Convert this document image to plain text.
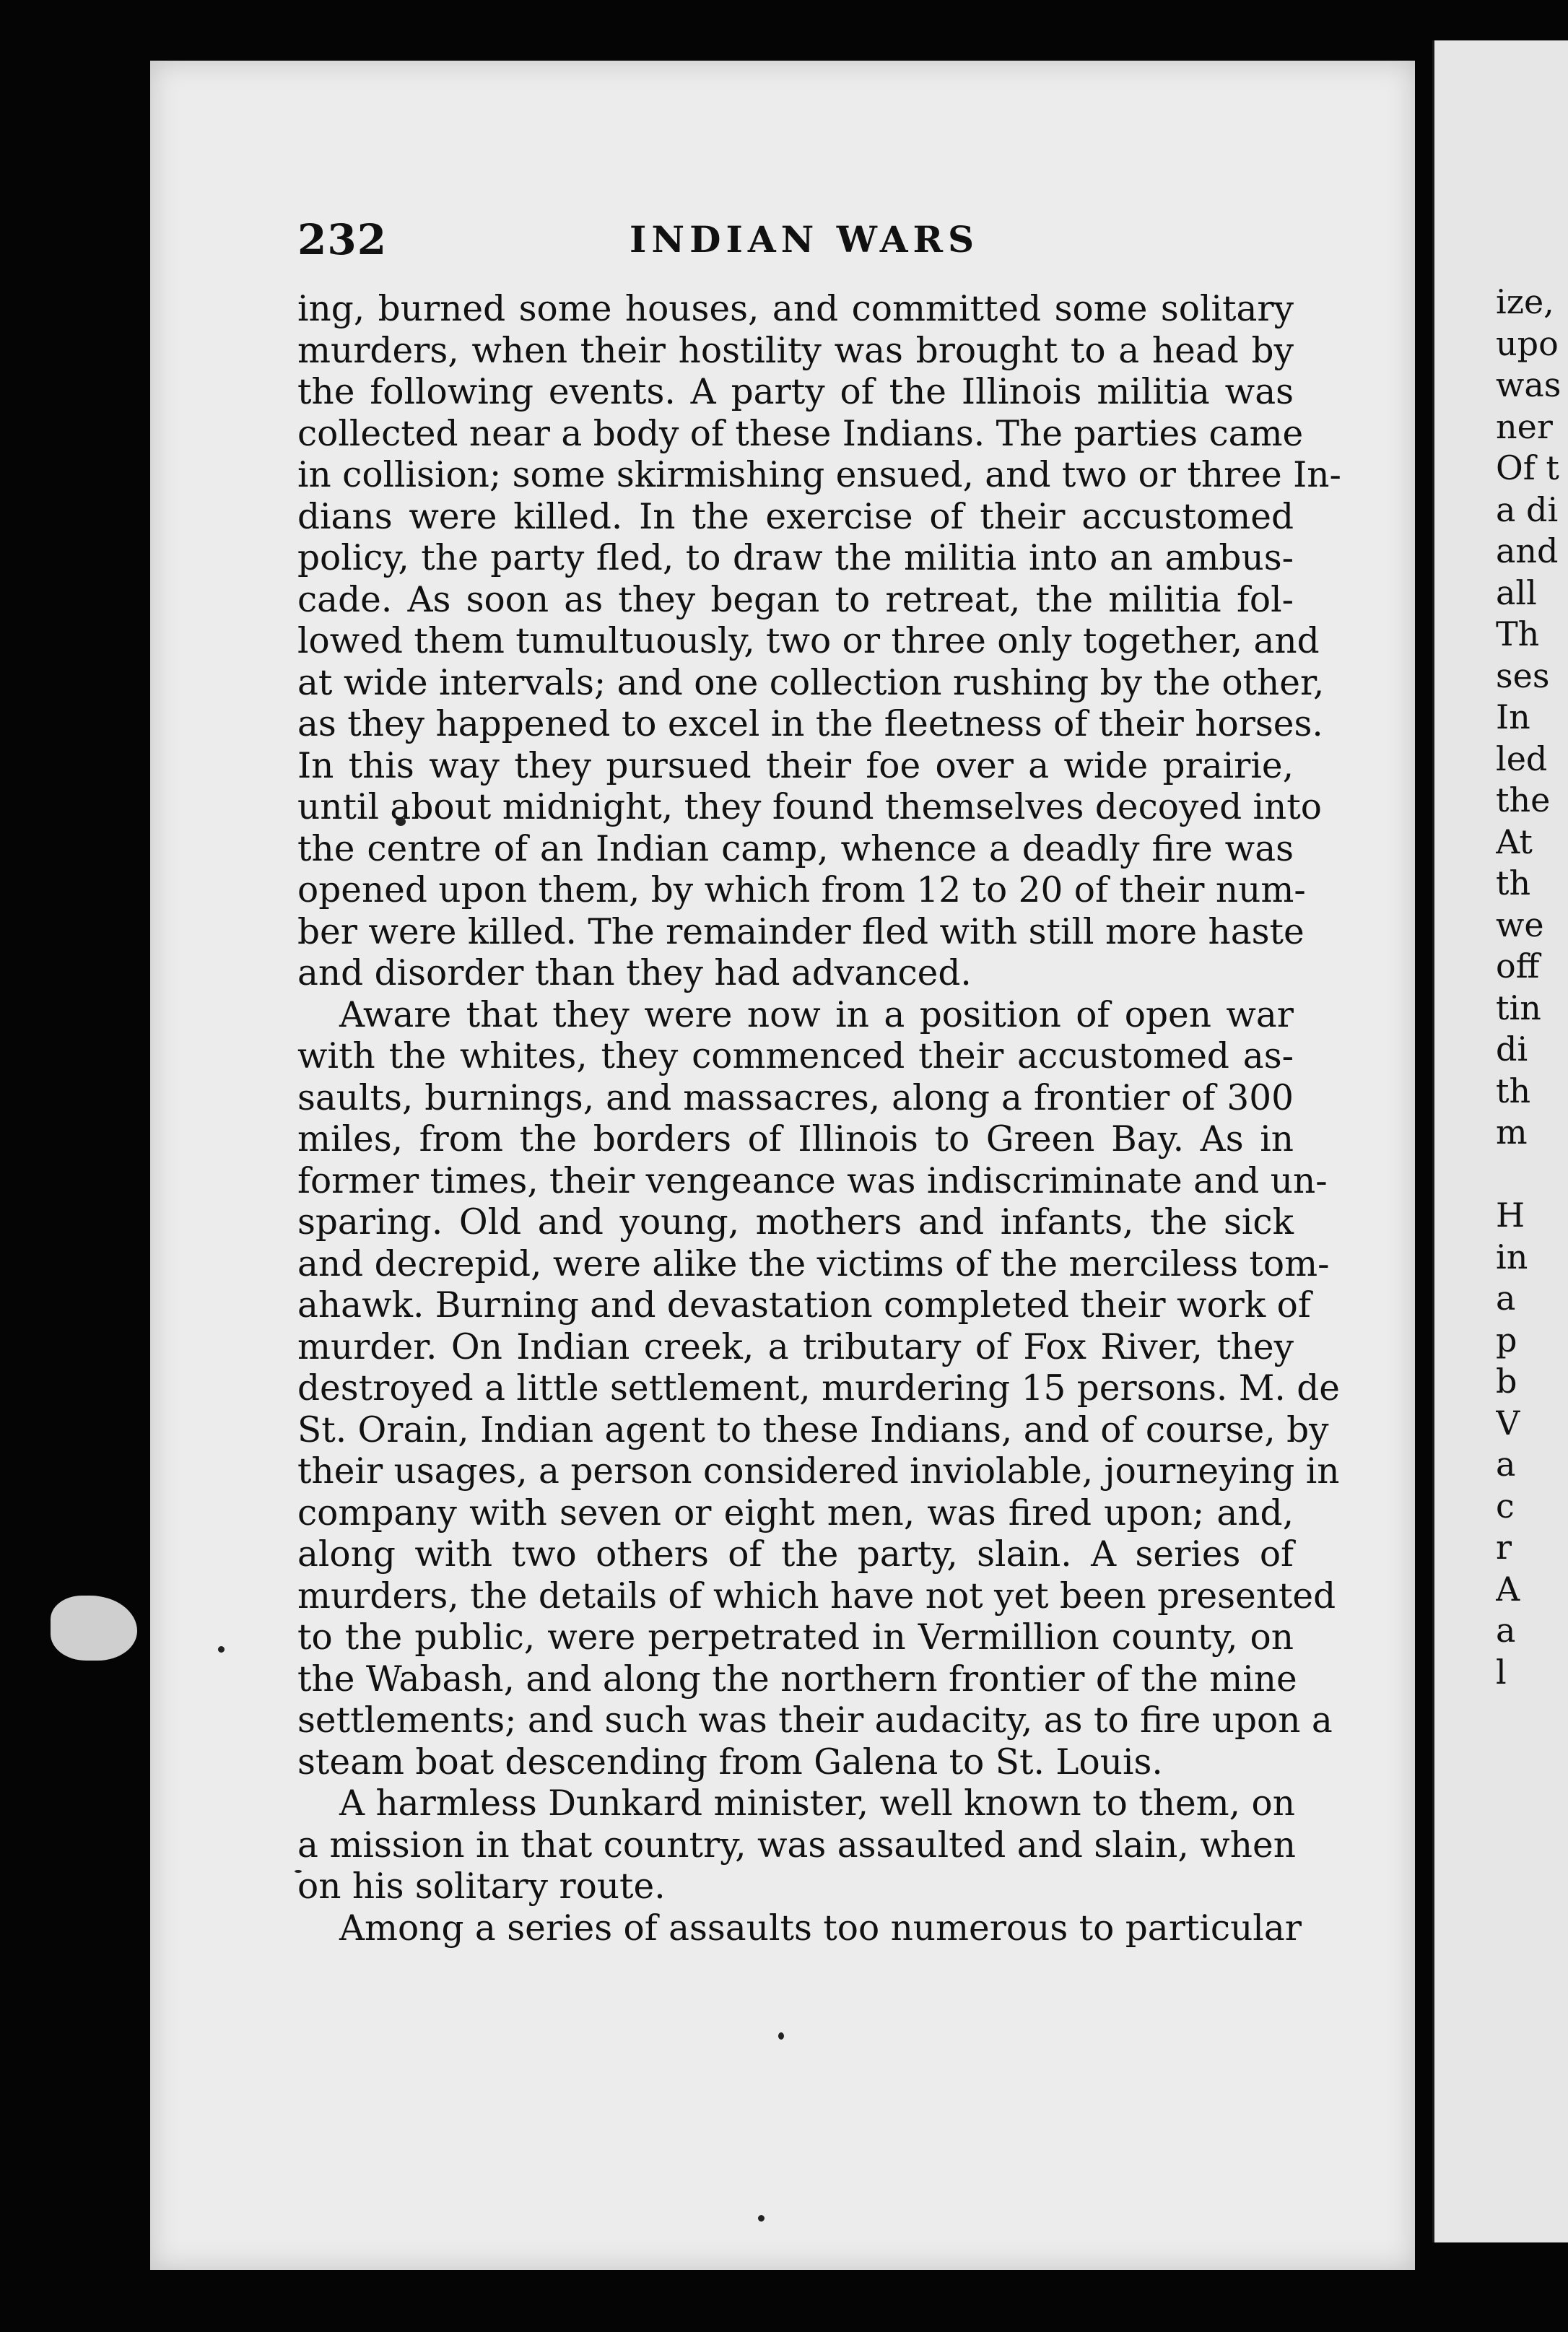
232	INDIAN WARS
ing, burned some houses, and committed some solitary
murders, when their hostility was brought to a head by
the following events. A party of the Illinois militia was
collected near a body of these Indians. The parties came
in collision; some skirmishing ensued, and two or three In-
dians were killed. In the exercise of their accustomed
policy, the party fled, to draw the militia into an ambus-
cade. As soon as they began to retreat, the militia fol-
lowed them tumultuously, two or three only together, and
at wide intervals; and one collection rushing by the other,
as they happened to excel in the fleetness of their horses.
In this way they pursued their foe over a wide prairie,
until about midnight, they found themselves decoyed into
the centre of an Indian camp, whence a deadly fire was
opened upon them, by which from 12 to 20 of their num-
ber were killed. The remainder fled with still more haste
and disorder than they had advanced.
Aware that they were now in a position of open war
with the whites, they commenced their accustomed as-
saults, burnings, and massacres, along a frontier of 300
miles, from the borders of Illinois to Green Bay. As in
former times, their vengeance was indiscriminate and un-
sparing. Old and young, mothers and infants, the sick
and decrepid, were alike the victims of the merciless tom-
ahawk. Burning and devastation completed their work of
murder. On Indian creek, a tributary of Fox River, they
destroyed a little settlement, murdering 15 persons. M. de
St. Orain, Indian agent to these Indians, and of course, by
their usages, a person considered inviolable, journeying in
company with seven or eight men, was fired upon; and,
along with two others of the party, slain. A series of
murders, the details of which have not yet been presented
to the public, were perpetrated in Vermillion county, on
the Wabash, and along the northern frontier of the mine
settlements; and such was their audacity, as to fire upon a
steam boat descending from Galena to St. Louis.
A harmless Dunkard minister, well known to them, on
a mission in that country, was assaulted and slain, when
on his solitary route.
Among a series of assaults too numerous to particular
ize,
upo
was
ner
Of t
a di
and
all
Th
ses
In
led
the
At
th
we
off
tin
di
th
m
H
in
a
p
b
V
a
c
r
A
a
l
